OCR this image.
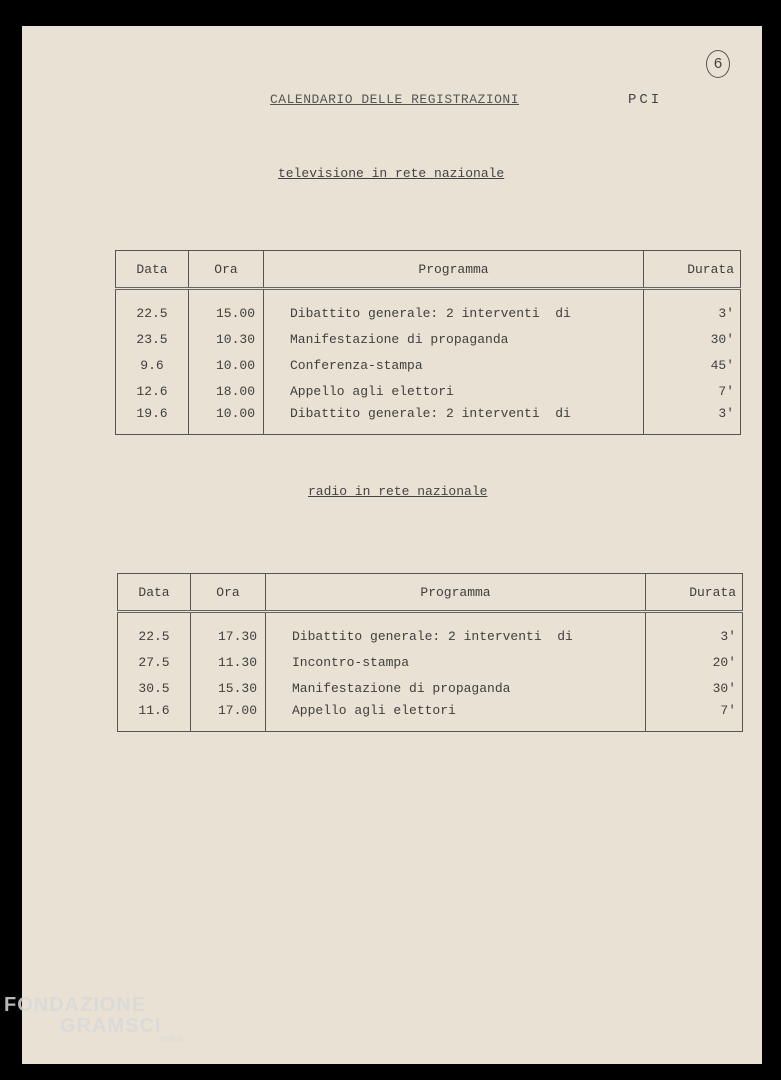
6
CALENDARIO DELLE REGISTRAZIONI	PCI
televisione in rete nazionale
Data	Ora	Programma	Durata

22.5	15.00	Dibattito generale: 2 interventi  di	3'
23.5	10.30	Manifestazione di propaganda	30'
9.6	10.00	Conferenza-stampa	45'
12.6	18.00	Appello agli elettori	7'
19.6	10.00	Dibattito generale: 2 interventi  di	3'
radio in rete nazionale
Data	Ora	Programma	Durata

22.5	17.30	Dibattito generale: 2 interventi  di	3'
27.5	11.30	Incontro-stampa	20'
30.5	15.30	Manifestazione di propaganda	30'
11.6	17.00	Appello agli elettori	7'
FONDAZIONE
GRAMSCI
onlus
